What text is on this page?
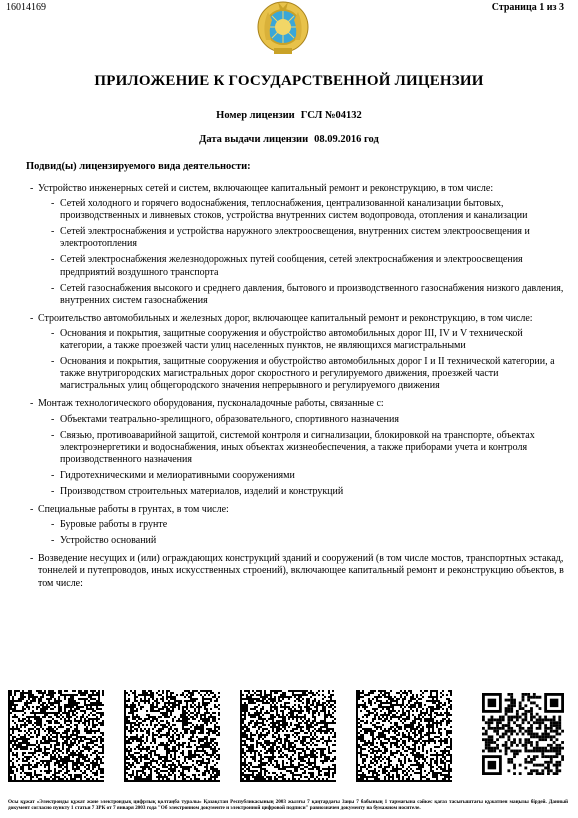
16014169	Страница 1 из 3
ПРИЛОЖЕНИЕ К ГОСУДАРСТВЕННОЙ ЛИЦЕНЗИИ
Номер лицензии ГСЛ №04132
Дата выдачи лицензии 08.09.2016 год
Подвид(ы) лицензируемого вида деятельности:
- Устройство инженерных сетей и систем, включающее капитальный ремонт и реконструкцию, в том числе:
- Сетей холодного и горячего водоснабжения, теплоснабжения, централизованной канализации бытовых, производственных и ливневых стоков, устройства внутренних систем водопровода, отопления и канализации
- Сетей электроснабжения и устройства наружного электроосвещения, внутренних систем электроосвещения и электроотопления
- Сетей электроснабжения железнодорожных путей сообщения, сетей электроснабжения и электроосвещения предприятий воздушного транспорта
- Сетей газоснабжения высокого и среднего давления, бытового и производственного газоснабжения низкого давления, внутренних систем газоснабжения
- Строительство автомобильных и железных дорог, включающее капитальный ремонт и реконструкцию, в том числе:
- Основания и покрытия, защитные сооружения и обустройство автомобильных дорог III, IV и V технической категории, а также проезжей части улиц населенных пунктов, не являющихся магистральными
- Основания и покрытия, защитные сооружения и обустройство автомобильных дорог I и II технической категории, а также внутригородских магистральных дорог скоростного и регулируемого движения, проезжей части магистральных улиц общегородского значения непрерывного и регулируемого движения
- Монтаж технологического оборудования, пусконаладочные работы, связанные с:
- Объектами театрально-зрелищного, образовательного, спортивного назначения
- Связью, противоаварийной защитой, системой контроля и сигнализации, блокировкой на транспорте, объектах электроэнергетики и водоснабжения, иных объектах жизнеобеспечения, а также приборами учета и контроля производственного назначения
- Гидротехническими и мелиоративными сооружениями
- Производством строительных материалов, изделий и конструкций
- Специальные работы в грунтах, в том числе:
- Буровые работы в грунте
- Устройство оснований
- Возведение несущих и (или) ограждающих конструкций зданий и сооружений (в том числе мостов, транспортных эстакад, тоннелей и путепроводов, иных искусственных строений), включающее капитальный ремонт и реконструкцию объектов, в том числе:
Осы құжат «Электронды құжат және электрондық цифрлық қолтаңба туралы» Қазақстан Республикасының 2003 жылғы 7 қаңтардағы Заңы 7 бабының 1 тармағына сәйкес қағаз тасығыштағы құжатпен маңызы бірдей. Данный документ согласно пункту 1 статьи 7 ЗРК от 7 января 2003 года "Об электронном документе и электронной цифровой подписи" равнозначен документу на бумажном носителе.
